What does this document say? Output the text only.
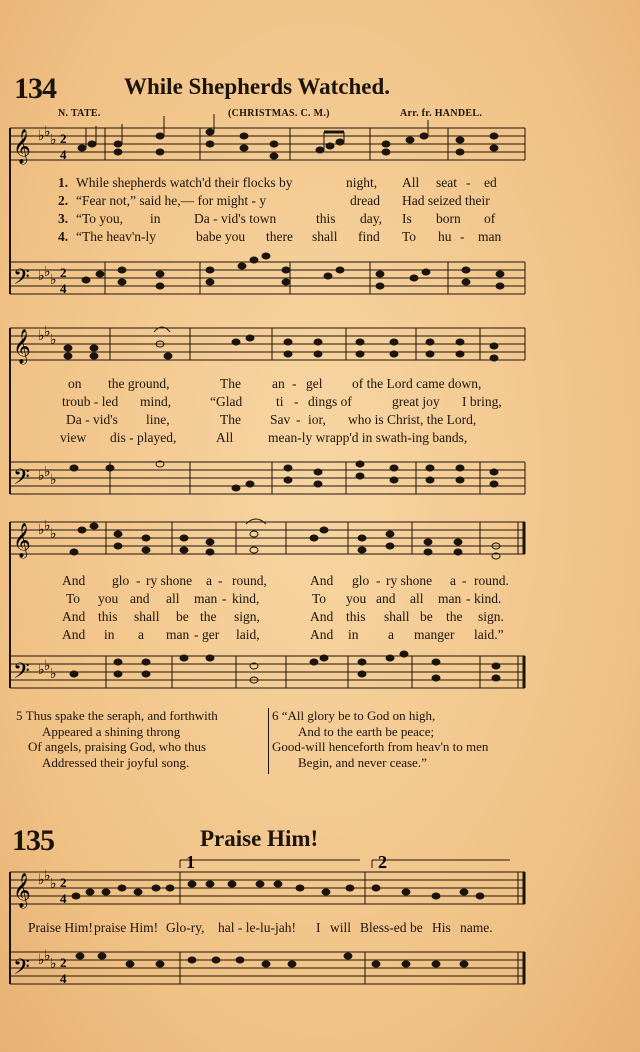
134	While Shepherds Watched.
N. TATE.	(CHRISTMAS. C. M.)	Arr. fr. HANDEL.
𝄞
𝄢
♭ ♭ ♭
♭ ♭ ♭
2
4
2
4
1. While shepherds watch'd their flocks by	night, All seat - ed
2. “Fear not,” said he,— for might - y	dread Had seized their
3. “To you, in Da - vid's town	this day, Is born of
4. “The heav'n-ly	babe you there shall find To hu - man
𝄞
𝄢
♭ ♭
♭
♭ ♭
♭
on the ground,	The an - gel of the Lord came down,
troub - led mind,	“Glad	ti - dings of	great joy I bring,
Da - vid's line,	The Sav - ior, who is Christ, the Lord,
view dis - played,	All	mean-ly wrapp'd in swath-ing bands,
𝄞
𝄢
♭ ♭
♭
♭ ♭
♭
And glo - ry shone a - round,	And glo - ry shone a - round.
To you and all man - kind,	To you and all man - kind.
And this shall be the sign,	And this shall be the sign.
And in a man - ger laid,	And in a manger laid.”
5 Thus spake the seraph, and forthwith
Appeared a shining throng
Of angels, praising God, who thus
Addressed their joyful song.
6 “All glory be to God on high,
And to the earth be peace;
Good-will henceforth from heav'n to men
Begin, and never cease.”
135	Praise Him!
1	2
𝄞
𝄢
♭ ♭
♭
♭ ♭
♭
2
4
2
4
Praise Him! praise Him! Glo-ry, hal - le-lu-jah! I will Bless-ed be His name.
